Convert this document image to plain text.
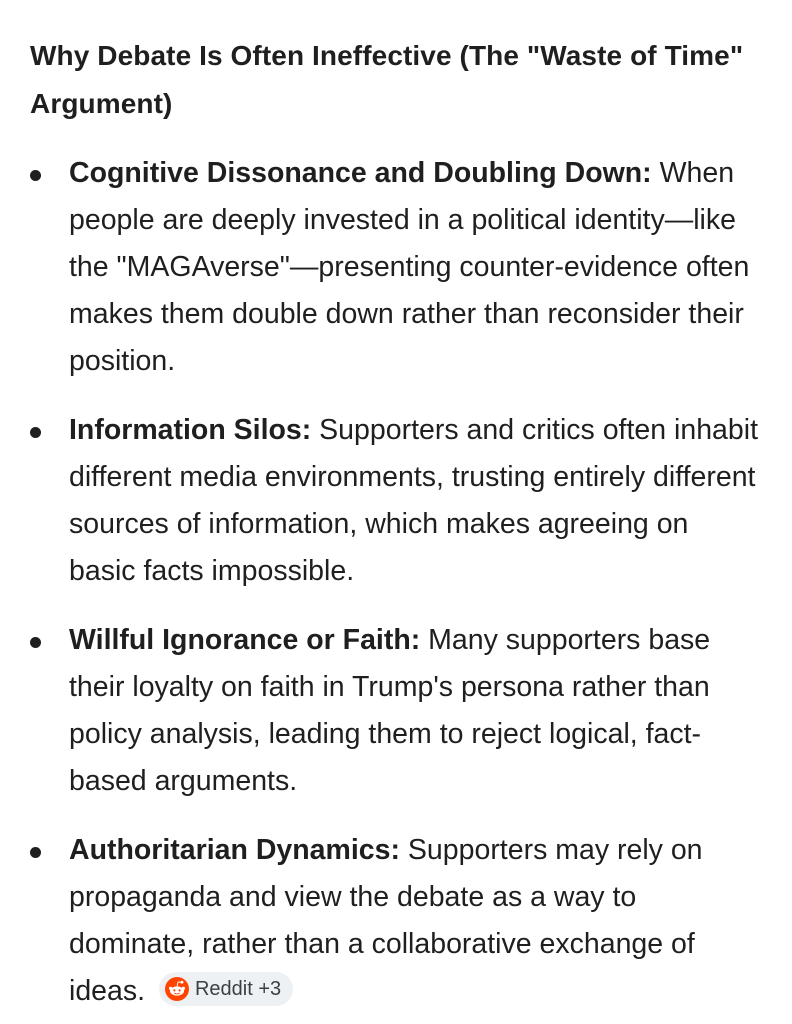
Why Debate Is Often Ineffective (The "Waste of Time" Argument)
Cognitive Dissonance and Doubling Down: When people are deeply invested in a political identity—like the "MAGAverse"—presenting counter-evidence often makes them double down rather than reconsider their position.
Information Silos: Supporters and critics often inhabit different media environments, trusting entirely different sources of information, which makes agreeing on basic facts impossible.
Willful Ignorance or Faith: Many supporters base their loyalty on faith in Trump's persona rather than policy analysis, leading them to reject logical, fact-based arguments.
Authoritarian Dynamics: Supporters may rely on propaganda and view the debate as a way to dominate, rather than a collaborative exchange of ideas. Reddit +3
